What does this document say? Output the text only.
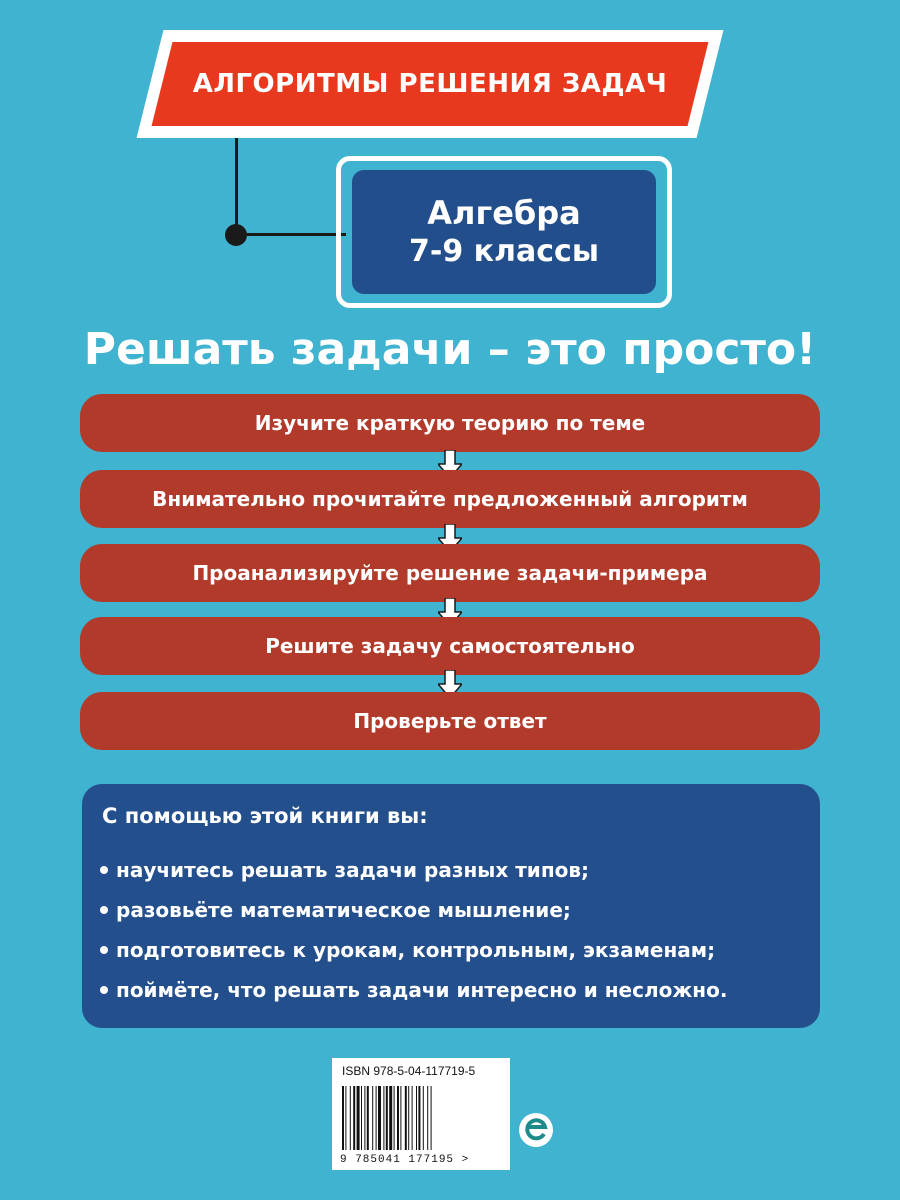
АЛГОРИТМЫ РЕШЕНИЯ ЗАДАЧ
Алгебра
7-9 классы
Решать задачи – это просто!
Изучите краткую теорию по теме
Внимательно прочитайте предложенный алгоритм
Проанализируйте решение задачи-примера
Решите задачу самостоятельно
Проверьте ответ
С помощью этой книги вы:
научитесь решать задачи разных типов;
разовьёте математическое мышление;
подготовитесь к урокам, контрольным, экзаменам;
поймёте, что решать задачи интересно и несложно.
ISBN 978-5-04-117719-5
9 785041 177195 >
